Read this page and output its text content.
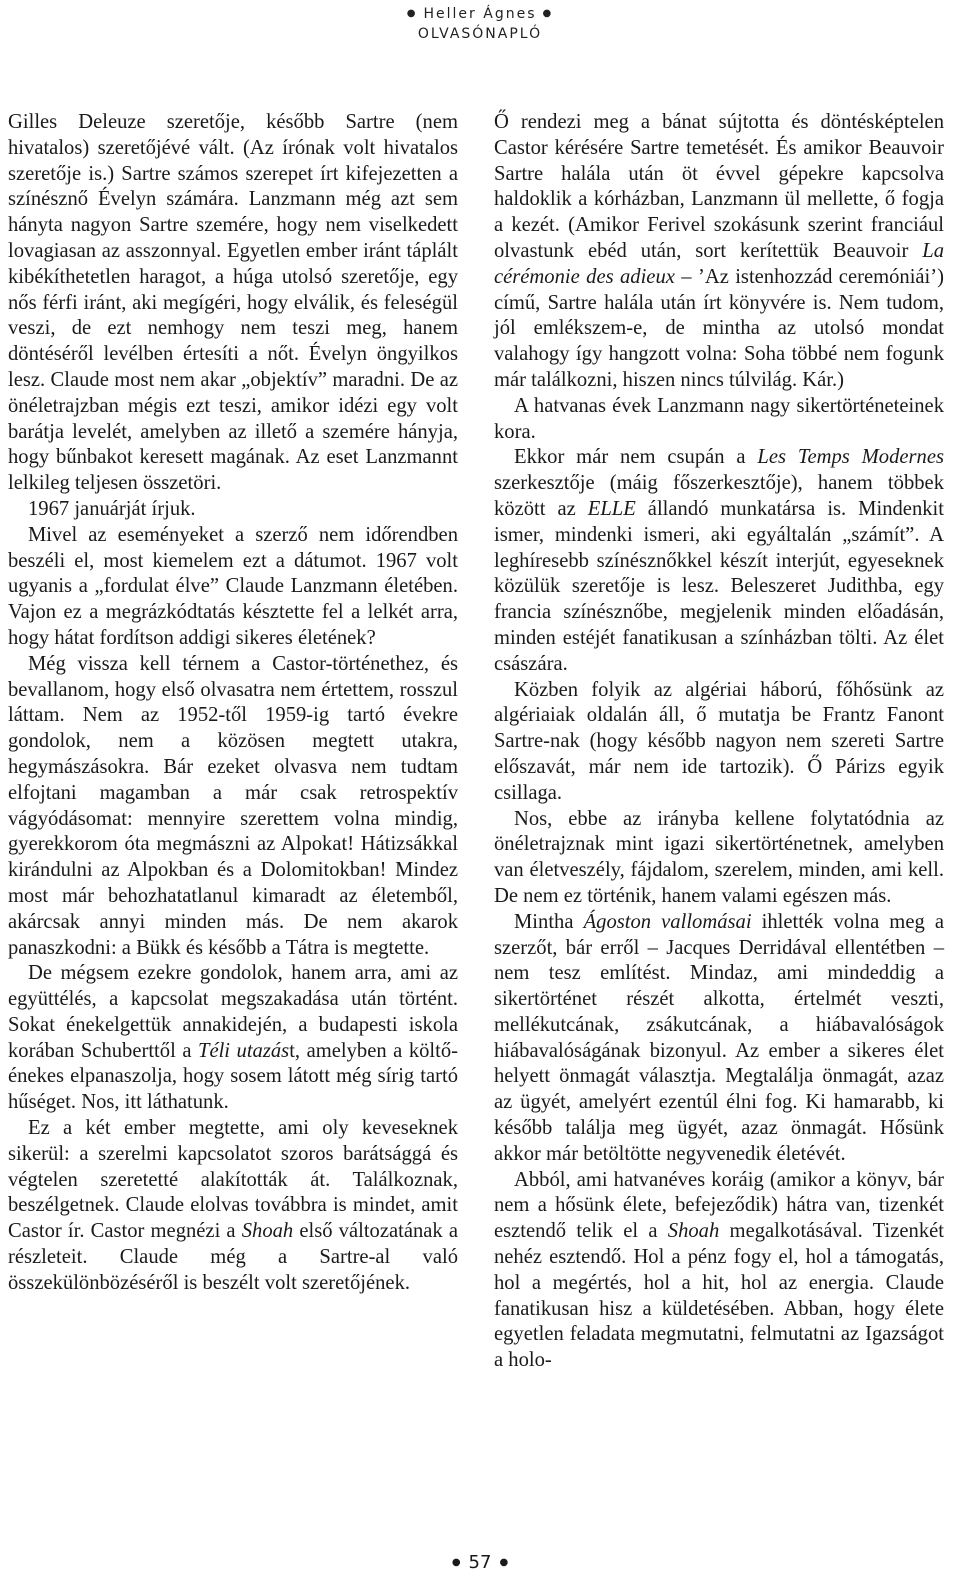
● Heller Ágnes ●
OLVASÓNAPLÓ

Gilles Deleuze szeretője, később Sartre (nem hivatalos) szeretőjévé vált. (Az írónak volt hivatalos szeretője is.) Sartre számos szerepet írt kifejezetten a színésznő Évelyn számára. Lanzmann még azt sem hányta nagyon Sartre szemére, hogy nem viselkedett lovagiasan az asszonnyal. Egyetlen ember iránt táplált kibékíthetetlen haragot, a húga utolsó szeretője, egy nős férfi iránt, aki megígéri, hogy elválik, és feleségül veszi, de ezt nemhogy nem teszi meg, hanem döntéséről levélben értesíti a nőt. Évelyn öngyilkos lesz. Claude most nem akar „objektív” maradni. De az önéletrajzban mégis ezt teszi, amikor idézi egy volt barátja levelét, amelyben az illető a szemére hányja, hogy bűnbakot keresett magának. Az eset Lanzmannt lelkileg teljesen összetöri.

1967 januárját írjuk.

Mivel az eseményeket a szerző nem időrendben beszéli el, most kiemelem ezt a dátumot. 1967 volt ugyanis a „fordulat élve” Claude Lanzmann életében. Vajon ez a megrázkódtatás késztette fel a lelkét arra, hogy hátat fordítson addigi sikeres életének?

Még vissza kell térnem a Castor-történethez, és bevallanom, hogy első olvasatra nem értettem, rosszul láttam. Nem az 1952-től 1959-ig tartó évekre gondolok, nem a közösen megtett utakra, hegymászásokra. Bár ezeket olvasva nem tudtam elfojtani magamban a már csak retrospektív vágyódásomat: mennyire szerettem volna mindig, gyerekkorom óta megmászni az Alpokat! Hátizsákkal kirándulni az Alpokban és a Dolomitokban! Mindez most már behozhatatlanul kimaradt az életemből, akárcsak annyi minden más. De nem akarok panaszkodni: a Bükk és később a Tátra is megtette.

De mégsem ezekre gondolok, hanem arra, ami az együttélés, a kapcsolat megszakadása után történt. Sokat énekelgettük annakidején, a budapesti iskola korában Schuberttől a Téli utazást, amelyben a költő-énekes elpanaszolja, hogy sosem látott még sírig tartó hűséget. Nos, itt láthatunk.

Ez a két ember megtette, ami oly keveseknek sikerül: a szerelmi kapcsolatot szoros barátsággá és végtelen szeretetté alakították át. Találkoznak, beszélgetnek. Claude elolvas továbbra is mindet, amit Castor ír. Castor megnézi a Shoah első változatának a részleteit. Claude még a Sartre-al való összekülönbözéséről is beszélt volt szeretőjének.

Ő rendezi meg a bánat sújtotta és döntésképtelen Castor kérésére Sartre temetését. És amikor Beauvoir Sartre halála után öt évvel gépekre kapcsolva haldoklik a kórházban, Lanzmann ül mellette, ő fogja a kezét. (Amikor Ferivel szokásunk szerint franciául olvastunk ebéd után, sort kerítettük Beauvoir La cérémonie des adieux – ’Az istenhozzád ceremóniái’) című, Sartre halála után írt könyvére is. Nem tudom, jól emlékszem-e, de mintha az utolsó mondat valahogy így hangzott volna: Soha többé nem fogunk már találkozni, hiszen nincs túlvilág. Kár.)

A hatvanas évek Lanzmann nagy sikertörténeteinek kora.

Ekkor már nem csupán a Les Temps Modernes szerkesztője (máig főszerkesztője), hanem többek között az ELLE állandó munkatársa is. Mindenkit ismer, mindenki ismeri, aki egyáltalán „számít”. A leghíresebb színésznőkkel készít interjút, egyeseknek közülük szeretője is lesz. Beleszeret Judithba, egy francia színésznőbe, megjelenik minden előadásán, minden estéjét fanatikusan a színházban tölti. Az élet császára.

Közben folyik az algériai háború, főhősünk az algériaiak oldalán áll, ő mutatja be Frantz Fanont Sartre-nak (hogy később nagyon nem szereti Sartre előszavát, már nem ide tartozik). Ő Párizs egyik csillaga.

Nos, ebbe az irányba kellene folytatódnia az önéletrajznak mint igazi sikertörténetnek, amelyben van életveszély, fájdalom, szerelem, minden, ami kell. De nem ez történik, hanem valami egészen más.

Mintha Ágoston vallomásai ihlették volna meg a szerzőt, bár erről – Jacques Derridával ellentétben – nem tesz említést. Mindaz, ami mindeddig a sikertörténet részét alkotta, értelmét veszti, mellékutcának, zsákutcának, a hiábavalóságok hiábavalóságának bizonyul. Az ember a sikeres élet helyett önmagát választja. Megtalálja önmagát, azaz az ügyét, amelyért ezentúl élni fog. Ki hamarabb, ki később találja meg ügyét, azaz önmagát. Hősünk akkor már betöltötte negyvenedik életévét.

Abból, ami hatvanéves koráig (amikor a könyv, bár nem a hősünk élete, befejeződik) hátra van, tizenkét esztendő telik el a Shoah megalkotásával. Tizenkét nehéz esztendő. Hol a pénz fogy el, hol a támogatás, hol a megértés, hol a hit, hol az energia. Claude fanatikusan hisz a küldetésében. Abban, hogy élete egyetlen feladata megmutatni, felmutatni az Igazságot a holo-

● 57 ●
